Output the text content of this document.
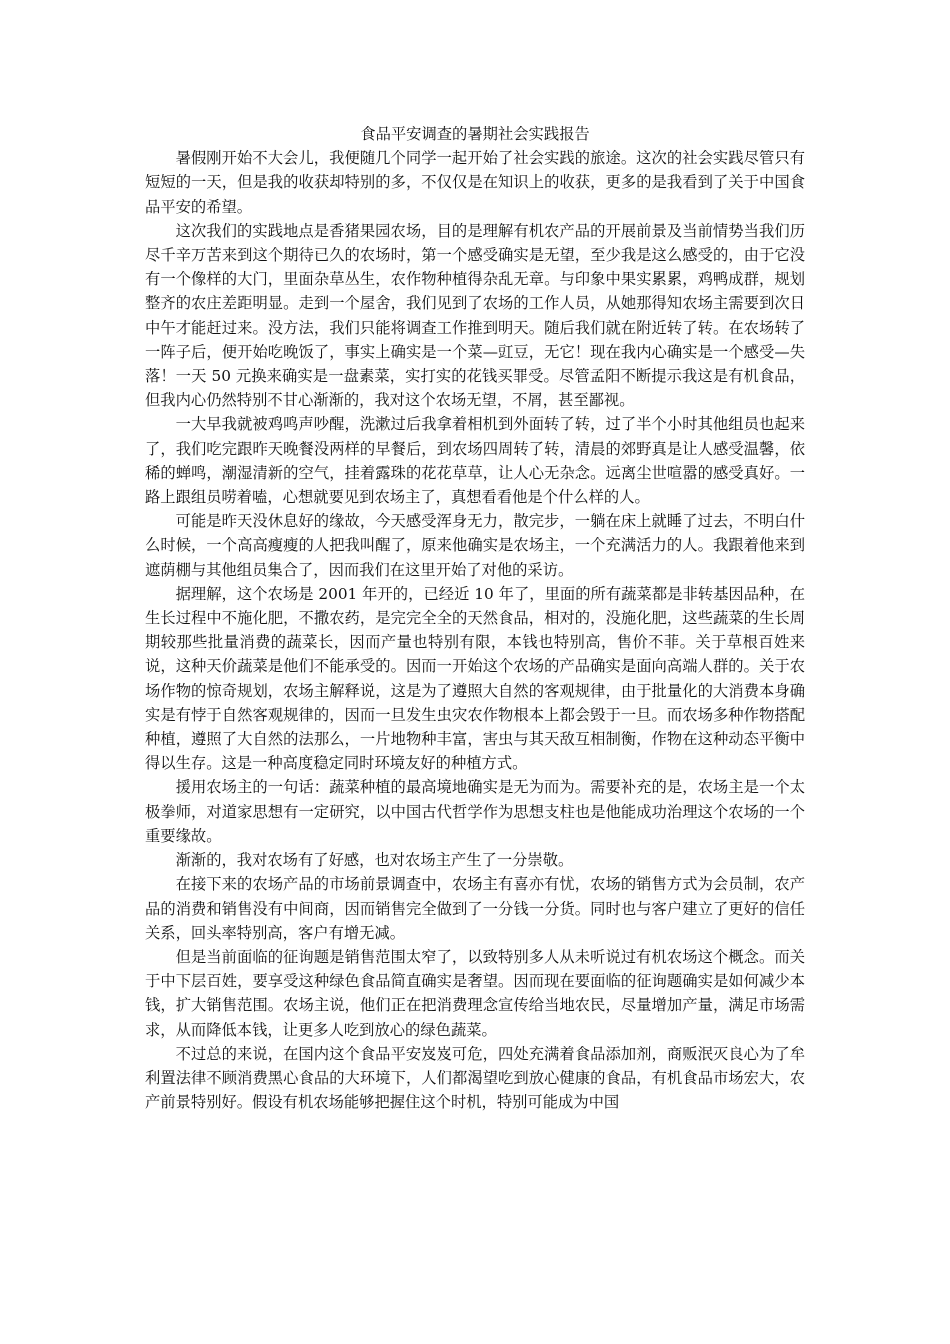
食品平安调查的暑期社会实践报告

暑假刚开始不大会儿，我便随几个同学一起开始了社会实践的旅途。这次的社会实践尽管只有短短的一天，但是我的收获却特别的多，不仅仅是在知识上的收获，更多的是我看到了关于中国食品平安的希望。

这次我们的实践地点是香猪果园农场，目的是理解有机农产品的开展前景及当前情势当我们历尽千辛万苦来到这个期待已久的农场时，第一个感受确实是无望，至少我是这么感受的，由于它没有一个像样的大门，里面杂草丛生，农作物种植得杂乱无章。与印象中果实累累，鸡鸭成群，规划整齐的农庄差距明显。走到一个屋舍，我们见到了农场的工作人员，从她那得知农场主需要到次日中午才能赶过来。没方法，我们只能将调查工作推到明天。随后我们就在附近转了转。在农场转了一阵子后，便开始吃晚饭了，事实上确实是一个菜—豇豆，无它！现在我内心确实是一个感受—失落！一天 50 元换来确实是一盘素菜，实打实的花钱买罪受。尽管孟阳不断提示我这是有机食品，但我内心仍然特别不甘心渐渐的，我对这个农场无望，不屑，甚至鄙视。

一大早我就被鸡鸣声吵醒，洗漱过后我拿着相机到外面转了转，过了半个小时其他组员也起来了，我们吃完跟昨天晚餐没两样的早餐后，到农场四周转了转，清晨的郊野真是让人感受温馨，依稀的蝉鸣，潮湿清新的空气，挂着露珠的花花草草，让人心无杂念。远离尘世喧嚣的感受真好。一路上跟组员唠着嗑，心想就要见到农场主了，真想看看他是个什么样的人。

可能是昨天没休息好的缘故，今天感受浑身无力，散完步，一躺在床上就睡了过去，不明白什么时候，一个高高瘦瘦的人把我叫醒了，原来他确实是农场主，一个充满活力的人。我跟着他来到遮荫棚与其他组员集合了，因而我们在这里开始了对他的采访。

据理解，这个农场是 2001 年开的，已经近 10 年了，里面的所有蔬菜都是非转基因品种，在生长过程中不施化肥，不撒农药，是完完全全的天然食品，相对的，没施化肥，这些蔬菜的生长周期较那些批量消费的蔬菜长，因而产量也特别有限，本钱也特别高，售价不菲。关于草根百姓来说，这种天价蔬菜是他们不能承受的。因而一开始这个农场的产品确实是面向高端人群的。关于农场作物的惊奇规划，农场主解释说，这是为了遵照大自然的客观规律，由于批量化的大消费本身确实是有悖于自然客观规律的，因而一旦发生虫灾农作物根本上都会毁于一旦。而农场多种作物搭配种植，遵照了大自然的法那么，一片地物种丰富，害虫与其天敌互相制衡，作物在这种动态平衡中得以生存。这是一种高度稳定同时环境友好的种植方式。

援用农场主的一句话：蔬菜种植的最高境地确实是无为而为。需要补充的是，农场主是一个太极拳师，对道家思想有一定研究，以中国古代哲学作为思想支柱也是他能成功治理这个农场的一个重要缘故。

渐渐的，我对农场有了好感，也对农场主产生了一分崇敬。

在接下来的农场产品的市场前景调查中，农场主有喜亦有忧，农场的销售方式为会员制，农产品的消费和销售没有中间商，因而销售完全做到了一分钱一分货。同时也与客户建立了更好的信任关系，回头率特别高，客户有增无减。

但是当前面临的征询题是销售范围太窄了，以致特别多人从未听说过有机农场这个概念。而关于中下层百姓，要享受这种绿色食品简直确实是奢望。因而现在要面临的征询题确实是如何减少本钱，扩大销售范围。农场主说，他们正在把消费理念宣传给当地农民，尽量增加产量，满足市场需求，从而降低本钱，让更多人吃到放心的绿色蔬菜。

不过总的来说，在国内这个食品平安岌岌可危，四处充满着食品添加剂，商贩泯灭良心为了牟利置法律不顾消费黑心食品的大环境下，人们都渴望吃到放心健康的食品，有机食品市场宏大，农产前景特别好。假设有机农场能够把握住这个时机，特别可能成为中国
